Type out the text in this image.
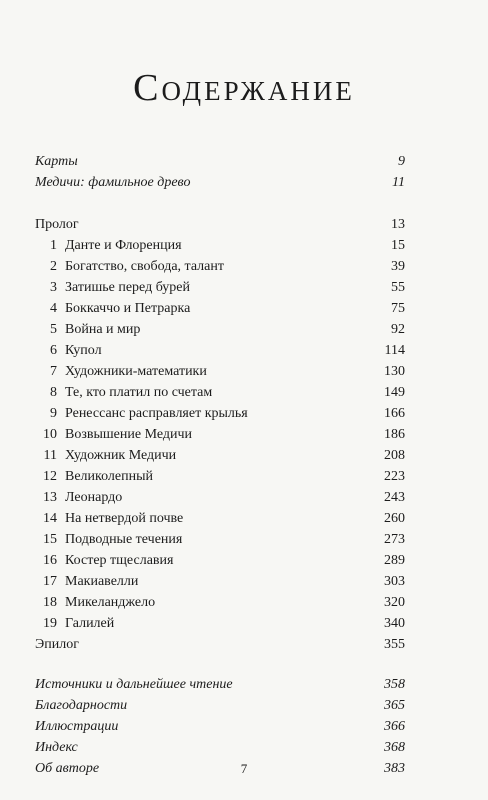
Содержание
Карты	9
Медичи: фамильное древо	11
Пролог	13
1 Данте и Флоренция	15
2 Богатство, свобода, талант	39
3 Затишье перед бурей	55
4 Боккаччо и Петрарка	75
5 Война и мир	92
6 Купол	114
7 Художники-математики	130
8 Те, кто платил по счетам	149
9 Ренессанс расправляет крылья	166
10 Возвышение Медичи	186
11 Художник Медичи	208
12 Великолепный	223
13 Леонардо	243
14 На нетвердой почве	260
15 Подводные течения	273
16 Костер тщеславия	289
17 Макиавелли	303
18 Микеланджело	320
19 Галилей	340
Эпилог	355
Источники и дальнейшее чтение	358
Благодарности	365
Иллюстрации	366
Индекс	368
Об авторе	383
7
